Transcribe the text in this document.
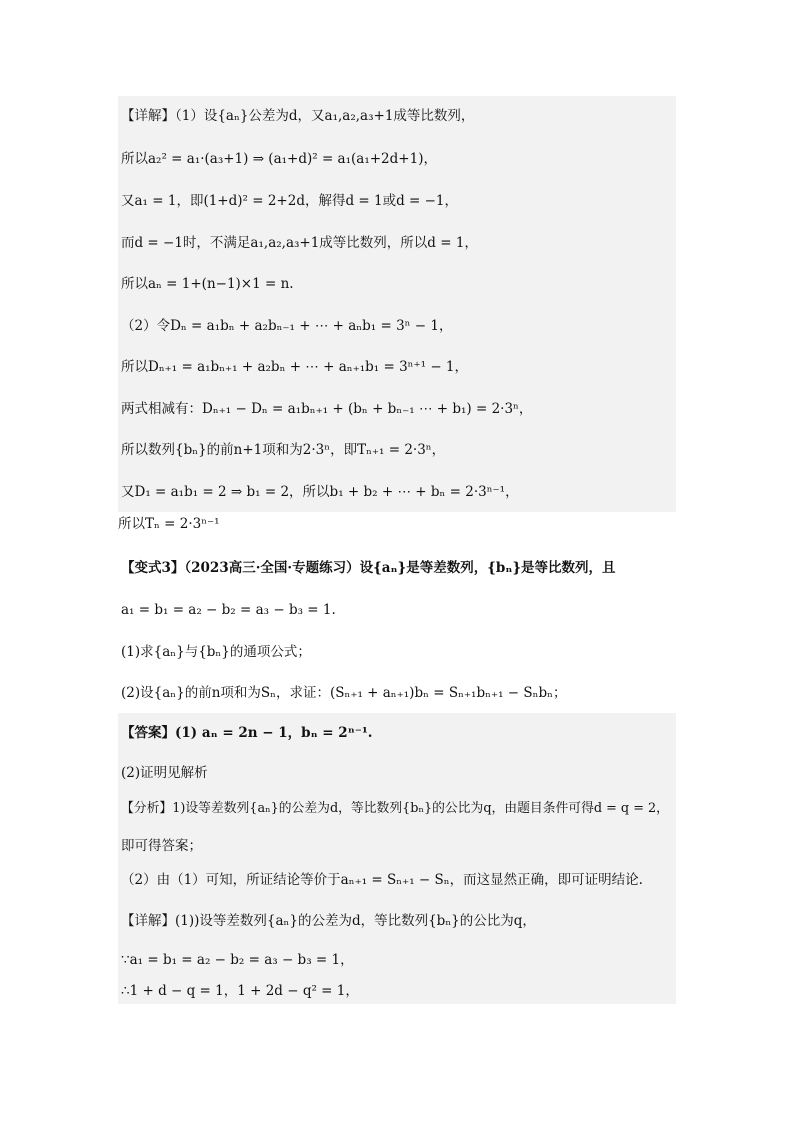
【详解】（1）设{aₙ}公差为d，又a₁,a₂,a₃+1成等比数列，
所以a₂² = a₁·(a₃+1) ⇒ (a₁+d)² = a₁(a₁+2d+1)，
又a₁ = 1，即(1+d)² = 2+2d，解得d = 1或d = −1，
而d = −1时，不满足a₁,a₂,a₃+1成等比数列，所以d = 1，
所以aₙ = 1+(n−1)×1 = n.
（2）令Dₙ = a₁bₙ + a₂bₙ₋₁ + ⋯ + aₙb₁ = 3ⁿ − 1，
所以Dₙ₊₁ = a₁bₙ₊₁ + a₂bₙ + ⋯ + aₙ₊₁b₁ = 3ⁿ⁺¹ − 1，
两式相减有：Dₙ₊₁ − Dₙ = a₁bₙ₊₁ + (bₙ + bₙ₋₁ ⋯ + b₁) = 2·3ⁿ，
所以数列{bₙ}的前n+1项和为2·3ⁿ，即Tₙ₊₁ = 2·3ⁿ，
又D₁ = a₁b₁ = 2 ⇒ b₁ = 2，所以b₁ + b₂ + ⋯ + bₙ = 2·3ⁿ⁻¹，
所以Tₙ = 2·3ⁿ⁻¹
【变式3】（2023高三·全国·专题练习）设{aₙ}是等差数列，{bₙ}是等比数列，且
a₁ = b₁ = a₂ − b₂ = a₃ − b₃ = 1.
(1)求{aₙ}与{bₙ}的通项公式；
(2)设{aₙ}的前n项和为Sₙ，求证：(Sₙ₊₁ + aₙ₊₁)bₙ = Sₙ₊₁bₙ₊₁ − Sₙbₙ；
【答案】(1) aₙ = 2n − 1，bₙ = 2ⁿ⁻¹.
(2)证明见解析
【分析】1)设等差数列{aₙ}的公差为d，等比数列{bₙ}的公比为q，由题目条件可得d = q = 2，
即可得答案；
（2）由（1）可知，所证结论等价于aₙ₊₁ = Sₙ₊₁ − Sₙ，而这显然正确，即可证明结论.
【详解】(1))设等差数列{aₙ}的公差为d，等比数列{bₙ}的公比为q，
∵a₁ = b₁ = a₂ − b₂ = a₃ − b₃ = 1，
∴1 + d − q = 1，1 + 2d − q² = 1，
